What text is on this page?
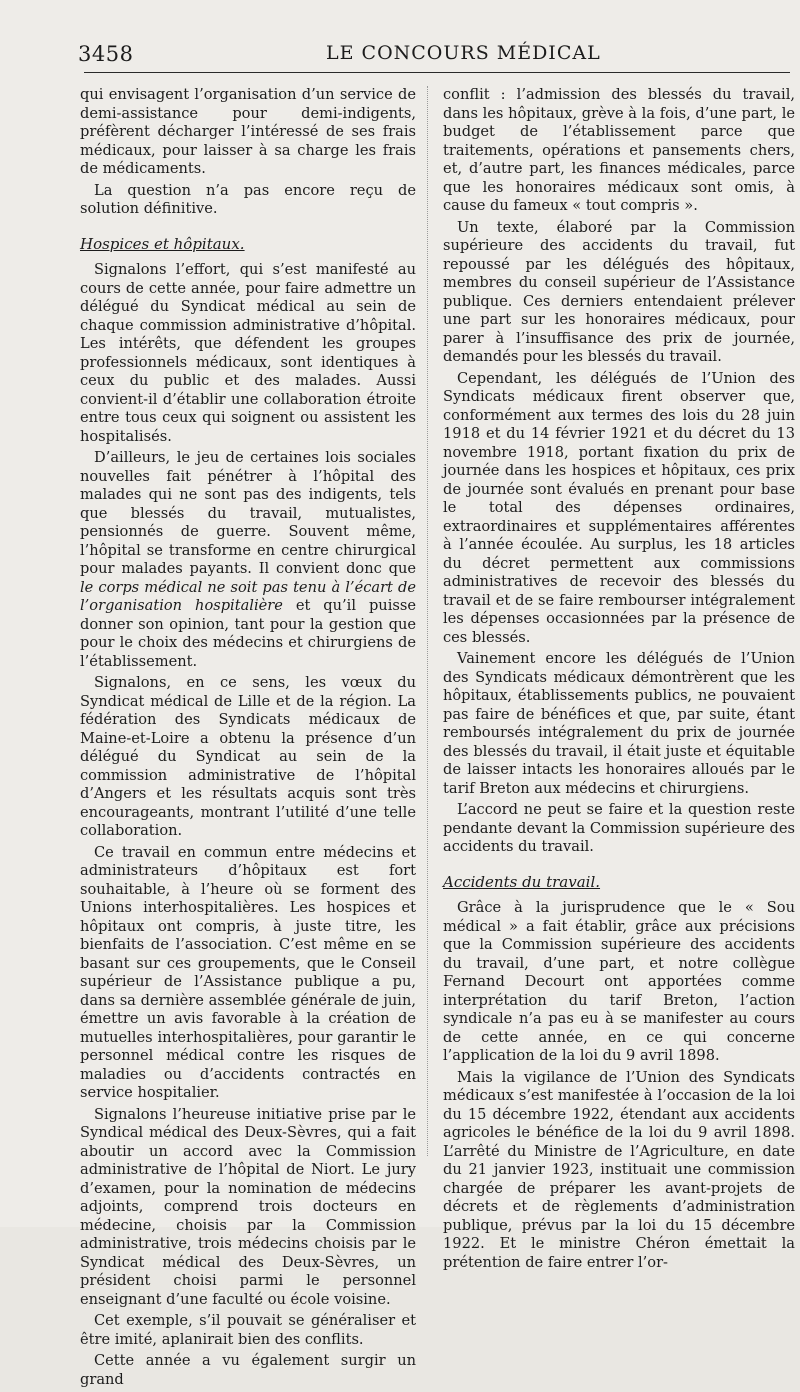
3458	LE CONCOURS MÉDICAL

qui envisagent l’organisation d’un service de demi-assistance pour demi-indigents, préfèrent décharger l’intéressé de ses frais médicaux, pour laisser à sa charge les frais de médicaments.

La question n’a pas encore reçu de solution définitive.

Hospices et hôpitaux.

Signalons l’effort, qui s’est manifesté au cours de cette année, pour faire admettre un délégué du Syndicat médical au sein de chaque commission administrative d’hôpital. Les intérêts, que défendent les groupes professionnels médicaux, sont identiques à ceux du public et des malades. Aussi convient-il d’établir une collaboration étroite entre tous ceux qui soignent ou assistent les hospitalisés.

D’ailleurs, le jeu de certaines lois sociales nouvelles fait pénétrer à l’hôpital des malades qui ne sont pas des indigents, tels que blessés du travail, mutualistes, pensionnés de guerre. Souvent même, l’hôpital se transforme en centre chirurgical pour malades payants. Il convient donc que le corps médical ne soit pas tenu à l’écart de l’organisation hospitalière et qu’il puisse donner son opinion, tant pour la gestion que pour le choix des médecins et chirurgiens de l’établissement.

Signalons, en ce sens, les vœux du Syndicat médical de Lille et de la région. La fédération des Syndicats médicaux de Maine-et-Loire a obtenu la présence d’un délégué du Syndicat au sein de la commission administrative de l’hôpital d’Angers et les résultats acquis sont très encourageants, montrant l’utilité d’une telle collaboration.

Ce travail en commun entre médecins et administrateurs d’hôpitaux est fort souhaitable, à l’heure où se forment des Unions interhospitalières. Les hospices et hôpitaux ont compris, à juste titre, les bienfaits de l’association. C’est même en se basant sur ces groupements, que le Conseil supérieur de l’Assistance publique a pu, dans sa dernière assemblée générale de juin, émettre un avis favorable à la création de mutuelles interhospitalières, pour garantir le personnel médical contre les risques de maladies ou d’accidents contractés en service hospitalier.

Signalons l’heureuse initiative prise par le Syndical médical des Deux-Sèvres, qui a fait aboutir un accord avec la Commission administrative de l’hôpital de Niort. Le jury d’examen, pour la nomination de médecins adjoints, comprend trois docteurs en médecine, choisis par la Commission administrative, trois médecins choisis par le Syndicat médical des Deux-Sèvres, un président choisi parmi le personnel enseignant d’une faculté ou école voisine.

Cet exemple, s’il pouvait se généraliser et être imité, aplanirait bien des conflits.

Cette année a vu également surgir un grand

conflit : l’admission des blessés du travail, dans les hôpitaux, grève à la fois, d’une part, le budget de l’établissement parce que traitements, opérations et pansements chers, et, d’autre part, les finances médicales, parce que les honoraires médicaux sont omis, à cause du fameux « tout compris ».

Un texte, élaboré par la Commission supérieure des accidents du travail, fut repoussé par les délégués des hôpitaux, membres du conseil supérieur de l’Assistance publique. Ces derniers entendaient prélever une part sur les honoraires médicaux, pour parer à l’insuffisance des prix de journée, demandés pour les blessés du travail.

Cependant, les délégués de l’Union des Syndicats médicaux firent observer que, conformément aux termes des lois du 28 juin 1918 et du 14 février 1921 et du décret du 13 novembre 1918, portant fixation du prix de journée dans les hospices et hôpitaux, ces prix de journée sont évalués en prenant pour base le total des dépenses ordinaires, extraordinaires et supplémentaires afférentes à l’année écoulée. Au surplus, les 18 articles du décret permettent aux commissions administratives de recevoir des blessés du travail et de se faire rembourser intégralement les dépenses occasionnées par la présence de ces blessés.

Vainement encore les délégués de l’Union des Syndicats médicaux démontrèrent que les hôpitaux, établissements publics, ne pouvaient pas faire de bénéfices et que, par suite, étant remboursés intégralement du prix de journée des blessés du travail, il était juste et équitable de laisser intacts les honoraires alloués par le tarif Breton aux médecins et chirurgiens.

L’accord ne peut se faire et la question reste pendante devant la Commission supérieure des accidents du travail.

Accidents du travail.

Grâce à la jurisprudence que le « Sou médical » a fait établir, grâce aux précisions que la Commission supérieure des accidents du travail, d’une part, et notre collègue Fernand Decourt ont apportées comme interprétation du tarif Breton, l’action syndicale n’a pas eu à se manifester au cours de cette année, en ce qui concerne l’application de la loi du 9 avril 1898.

Mais la vigilance de l’Union des Syndicats médicaux s’est manifestée à l’occasion de la loi du 15 décembre 1922, étendant aux accidents agricoles le bénéfice de la loi du 9 avril 1898. L’arrêté du Ministre de l’Agriculture, en date du 21 janvier 1923, instituait une commission chargée de préparer les avant-projets de décrets et de règlements d’administration publique, prévus par la loi du 15 décembre 1922. Et le ministre Chéron émettait la prétention de faire entrer l’or-
